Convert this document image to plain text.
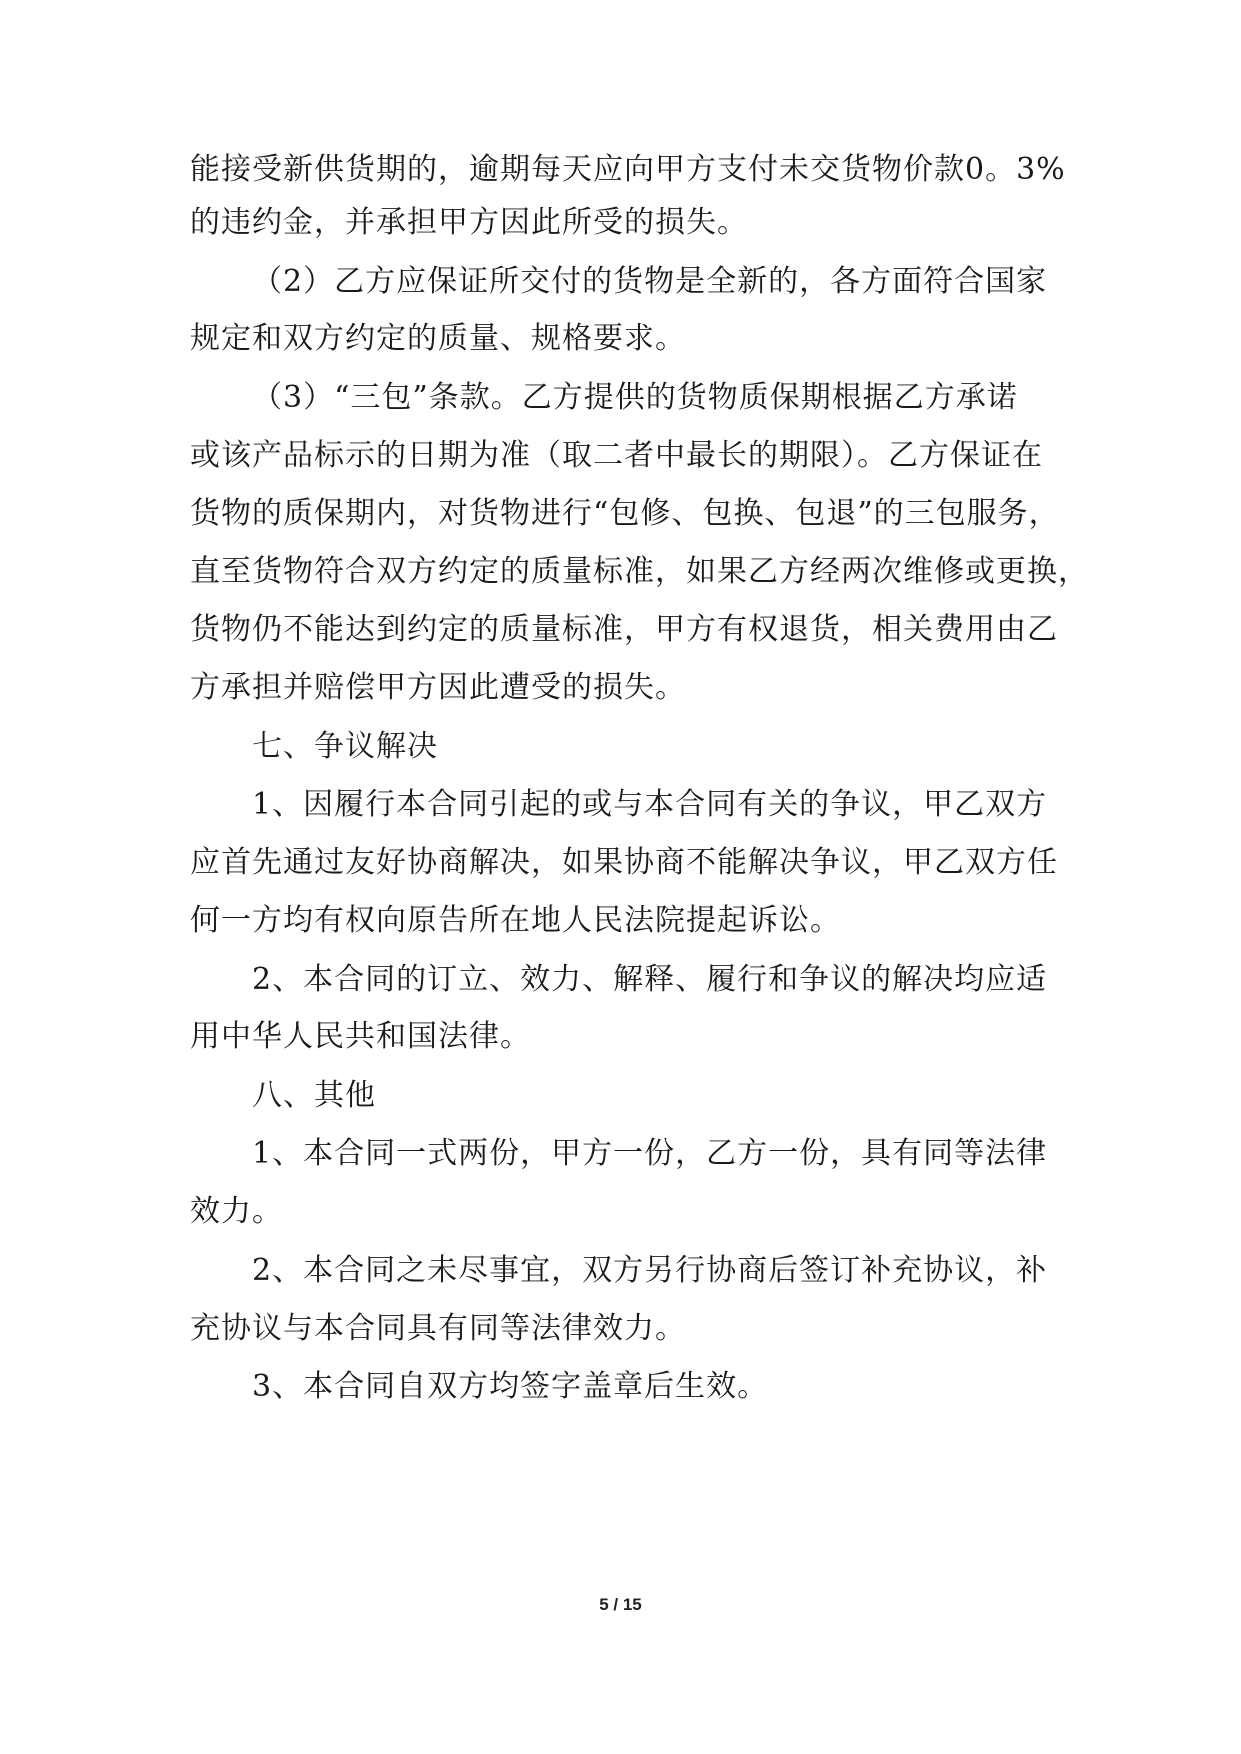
能接受新供货期的，逾期每天应向甲方支付未交货物价款0。3%
的违约金，并承担甲方因此所受的损失。
（2）乙方应保证所交付的货物是全新的，各方面符合国家
规定和双方约定的质量、规格要求。
（3）“三包”条款。乙方提供的货物质保期根据乙方承诺
或该产品标示的日期为准（取二者中最长的期限）。乙方保证在
货物的质保期内，对货物进行“包修、包换、包退”的三包服务，
直至货物符合双方约定的质量标准，如果乙方经两次维修或更换，
货物仍不能达到约定的质量标准，甲方有权退货，相关费用由乙
方承担并赔偿甲方因此遭受的损失。
七、争议解决
1、因履行本合同引起的或与本合同有关的争议，甲乙双方
应首先通过友好协商解决，如果协商不能解决争议，甲乙双方任
何一方均有权向原告所在地人民法院提起诉讼。
2、本合同的订立、效力、解释、履行和争议的解决均应适
用中华人民共和国法律。
八、其他
1、本合同一式两份，甲方一份，乙方一份，具有同等法律
效力。
2、本合同之未尽事宜，双方另行协商后签订补充协议，补
充协议与本合同具有同等法律效力。
3、本合同自双方均签字盖章后生效。
5 / 15
